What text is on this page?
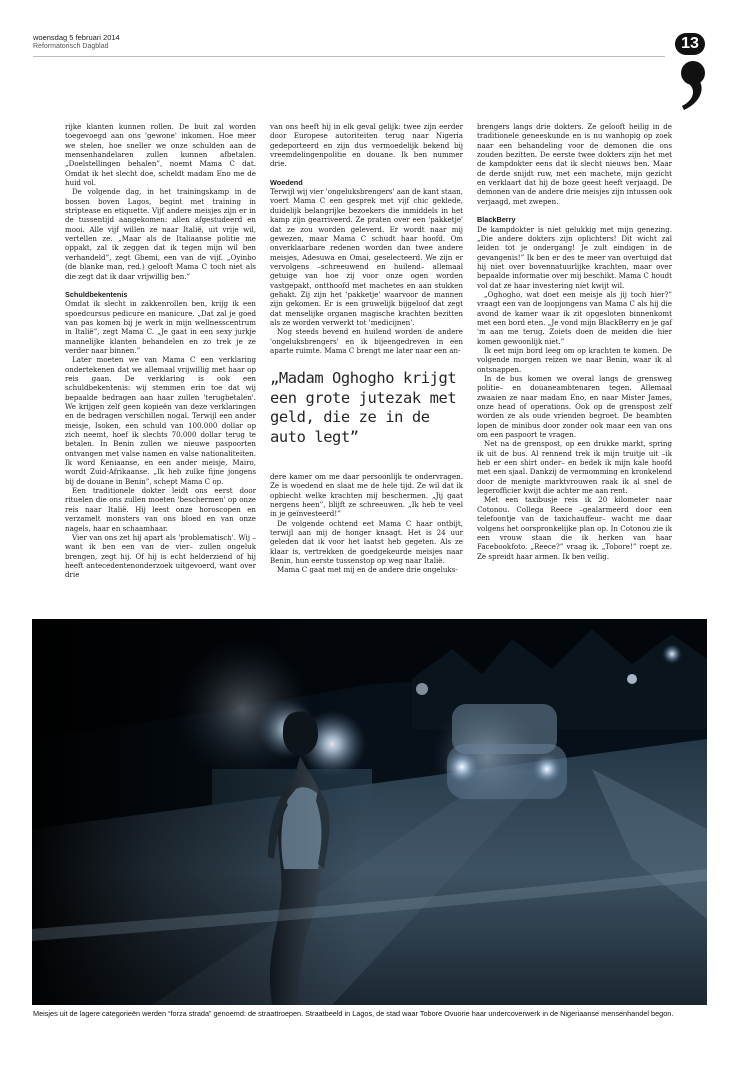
woensdag 5 februari 2014
Reformatorisch Dagblad	13

rijke klanten kunnen rollen. De buit zal worden toegevoegd aan ons 'gewone' inkomen. Hoe meer we stelen, hoe sneller we onze schulden aan de mensenhandelaren zullen kunnen afbetalen. „Doelstellingen behalen”, noemt Mama C dat. Omdat ik het slecht doe, scheldt madam Eno me de huid vol.

De volgende dag, in het trainingskamp in de bossen boven Lagos, begint met training in striptease en etiquette. Vijf andere meisjes zijn er in de tussentijd aangekomen: allen afgestudeerd en mooi. Alle vijf willen ze naar Italië, uit vrije wil, vertellen ze. „Maar als de Italiaanse politie me oppakt, zal ik zeggen dat ik tegen mijn wil ben verhandeld”, zegt Gbemi, een van de vijf. „Oyinbo (de blanke man, red.) gelooft Mama C toch niet als die zegt dat ik daar vrijwillig ben.”

Schuldbekentenis

Omdat ik slecht in zakkenrollen ben, krijg ik een spoedcursus pedicure en manicure. „Dat zal je goed van pas komen bij je werk in mijn wellnesscentrum in Italië”, zegt Mama C. „Je gaat in een sexy jurkje mannelijke klanten behandelen en zo trek je ze verder naar binnen.”

Later moeten we van Mama C een verklaring ondertekenen dat we allemaal vrijwillig met haar op reis gaan. De verklaring is ook een schuldbekentenis: wij stemmen erin toe dat wij bepaalde bedragen aan haar zullen 'terugbetalen'. We krijgen zelf geen kopieën van deze verklaringen en de bedragen verschillen nogal. Terwijl een ander meisje, Isoken, een schuld van 100.000 dollar op zich neemt, hoef ik slechts 70.000 dollar terug te betalen. In Benin zullen we nieuwe paspoorten ontvangen met valse namen en valse nationaliteiten. Ik word Keniaanse, en een ander meisje, Mairo, wordt Zuid-Afrikaanse. „Ik heb zulke fijne jongens bij de douane in Benin”, schept Mama C op.

Een traditionele dokter leidt ons eerst door rituelen die ons zullen moeten 'beschermen' op onze reis naar Italië. Hij leest onze horoscopen en verzamelt monsters van ons bloed en van onze nagels, haar en schaamhaar.

Vier van ons zet hij apart als 'problematisch'. Wij –want ik ben een van de vier– zullen ongeluk brengen, zegt hij. Of hij is echt helderziend of hij heeft antecedentenonderzoek uitgevoerd, want over drie

van ons heeft hij in elk geval gelijk: twee zijn eerder door Europese autoriteiten terug naar Nigeria gedeporteerd en zijn dus vermoedelijk bekend bij vreemdelingenpolitie en douane. Ik ben nummer drie.

Woedend

Terwijl wij vier 'ongeluksbrengers' aan de kant staan, voert Mama C een gesprek met vijf chic geklede, duidelijk belangrijke bezoekers die inmiddels in het kamp zijn gearriveerd. Ze praten over een 'pakketje' dat ze zou worden geleverd. Er wordt naar mij gewezen, maar Mama C schudt haar hoofd. Om onverklaarbare redenen worden dan twee andere meisjes, Adesuwa en Omai, geselecteerd. We zijn er vervolgens –schreeuwend en huilend– allemaal getuige van hoe zij voor onze ogen worden vastgepakt, ontthoofd met machetes en aan stukken gehakt. Zij zijn het 'pakketje' waarvoor de mannen zijn gekomen. Er is een gruwelijk bijgeloof dat zegt dat menselijke organen magische krachten bezitten als ze worden verwerkt tot 'medicijnen'.

Nog steeds bevend en huilend worden de andere 'ongeluksbrengers' en ik bijeengedreven in een aparte ruimte. Mama C brengt me later naar een an-

„Madam Oghogho krijgt een grote jutezak met geld, die ze in de auto legt”

dere kamer om me daar persoonlijk te ondervragen. Ze is woedend en slaat me de hele tijd. Ze wil dat ik opbiecht welke krachten mij beschermen. „Jij gaat nergens heen”, blijft ze schreeuwen. „Ik heb te veel in je geïnvesteerd!”

De volgende ochtend eet Mama C haar ontbijt, terwijl aan mij de honger knaagt. Het is 24 uur geleden dat ik voor het laatst heb gegeten. Als ze klaar is, vertrekken de goedgekeurde meisjes naar Benin, hun eerste tussenstop op weg naar Italië.

Mama C gaat met mij en de andere drie ongeluks-

brengers langs drie dokters. Ze gelooft heilig in de traditionele geneeskunde en is nu wanhopig op zoek naar een behandeling voor de demonen die ons zouden bezitten. De eerste twee dokters zijn het met de kampdokter eens dat ik slecht nieuws ben. Maar de derde snijdt ruw, met een machete, mijn gezicht en verklaart dat hij de boze geest heeft verjaagd. De demonen van de andere drie meisjes zijn intussen ook verjaagd, met zwepen.

BlackBerry

De kampdokter is niet gelukkig met mijn genezing. „Die andere dokters zijn oplichters! Dit wicht zal leiden tot je ondergang! Je zult eindigen in de gevangenis!” Ik ben er des te meer van overtuigd dat hij niet over bovennatuurlijke krachten, maar over bepaalde informatie over mij beschikt. Mama C houdt vol dat ze haar investering niet kwijt wil.

„Oghogho, wat doet een meisje als jij toch hier?” vraagt een van de loopjongens van Mama C als hij die avond de kamer waar ik zit opgesloten binnenkomt met een bord eten. „Je vond mijn BlackBerry en je gaf 'm aan me terug. Zoiets doen de meiden die hier komen gewoonlijk niet.”

Ik eet mijn bord leeg om op krachten te komen. De volgende morgen reizen we naar Benin, waar ik al ontsnappen.

In de bus komen we overal langs de grensweg politie– en douaneambtenaren tegen. Allemaal zwaaien ze naar madam Eno, en naar Mister James, onze head of operations. Ook op de grenspost zelf worden ze als oude vrienden begroet. De beambten lopen de minibus door zonder ook maar een van ons om een paspoort te vragen.

Net na de grenspost, op een drukke markt, spring ik uit de bus. Al rennend trek ik mijn truitje uit –ik heb er een shirt onder– en bedek ik mijn kale hoofd met een sjaal. Dankzij de vermomming en kronkelend door de menigte marktvrouwen raak ik al snel de legerofficier kwijt die achter me aan rent.

Met een taxibusje reis ik 20 kilometer naar Cotonou. Collega Reece –gealarmeerd door een telefoontje van de taxichauffeur– wacht me daar volgens het oorspronkelijke plan op. In Cotonou zie ik een vrouw staan die ik herken van haar Facebookfoto. „Reece?” vraag ik. „Tobore!” roept ze. Ze spreidt haar armen. Ik ben veilig.

Meisjes uit de lagere categorieën werden “forza strada” genoemd: de straattroepen. Straatbeeld in Lagos, de stad waar Tobore Ovuorie haar undercoverwerk in de Nigeriaanse mensenhandel begon.
